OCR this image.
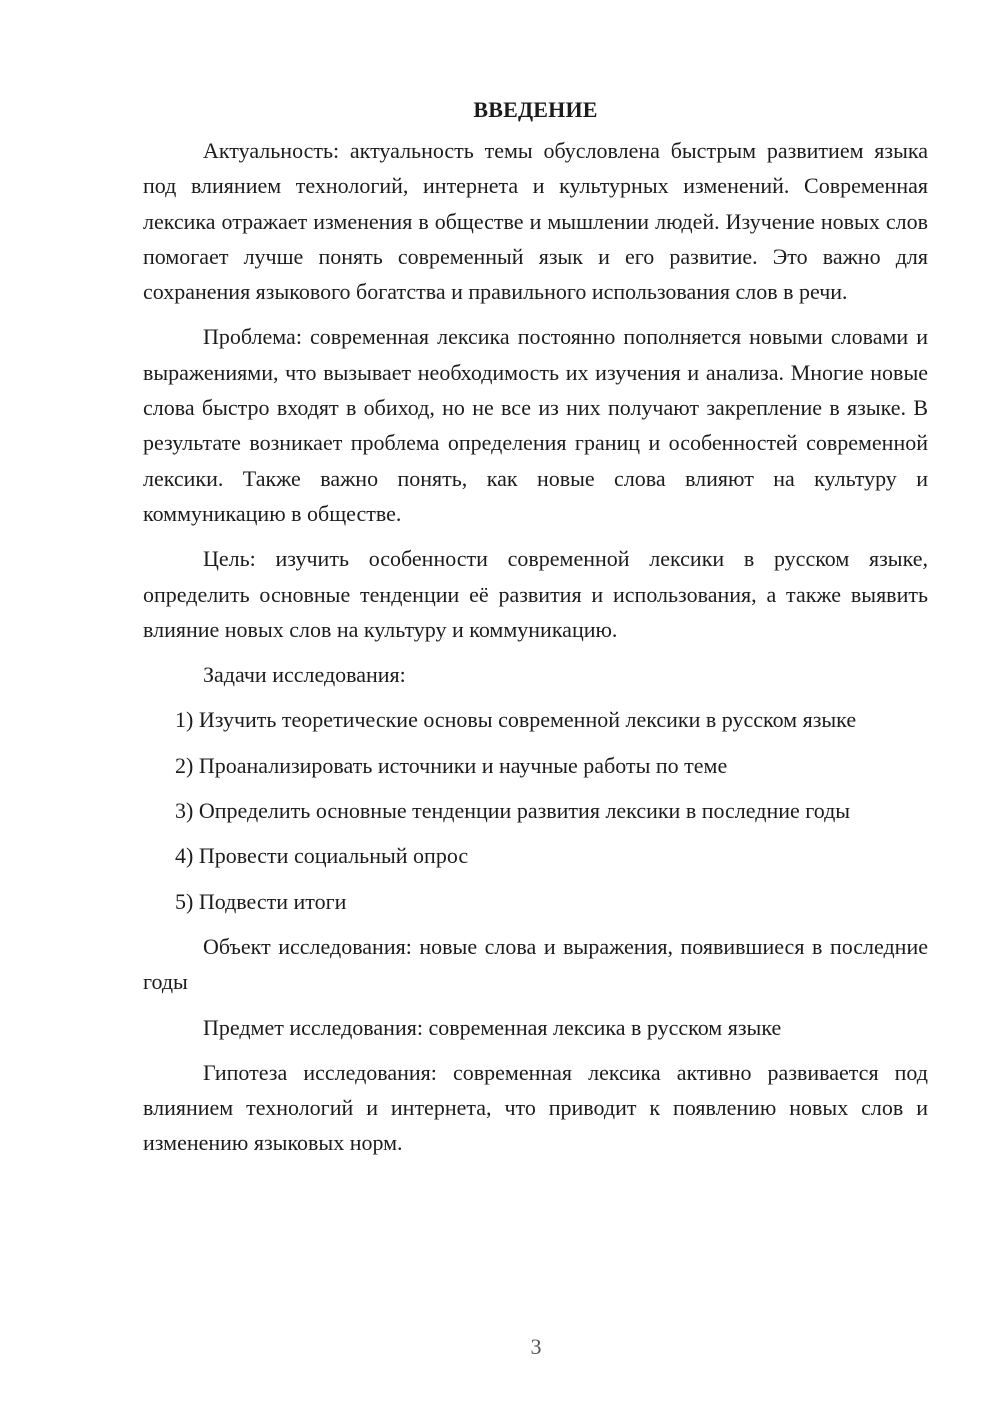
ВВЕДЕНИЕ

Актуальность: актуальность темы обусловлена быстрым развитием языка под влиянием технологий, интернета и культурных изменений. Современная лексика отражает изменения в обществе и мышлении людей. Изучение новых слов помогает лучше понять современный язык и его развитие. Это важно для сохранения языкового богатства и правильного использования слов в речи.

Проблема: современная лексика постоянно пополняется новыми словами и выражениями, что вызывает необходимость их изучения и анализа. Многие новые слова быстро входят в обиход, но не все из них получают закрепление в языке. В результате возникает проблема определения границ и особенностей современной лексики. Также важно понять, как новые слова влияют на культуру и коммуникацию в обществе.

Цель: изучить особенности современной лексики в русском языке, определить основные тенденции её развития и использования, а также выявить влияние новых слов на культуру и коммуникацию.

Задачи исследования:

1) Изучить теоретические основы современной лексики в русском языке

2) Проанализировать источники и научные работы по теме

3) Определить основные тенденции развития лексики в последние годы

4) Провести социальный опрос

5) Подвести итоги

Объект исследования: новые слова и выражения, появившиеся в последние годы

Предмет исследования: современная лексика в русском языке

Гипотеза исследования: современная лексика активно развивается под влиянием технологий и интернета, что приводит к появлению новых слов и изменению языковых норм.

3
